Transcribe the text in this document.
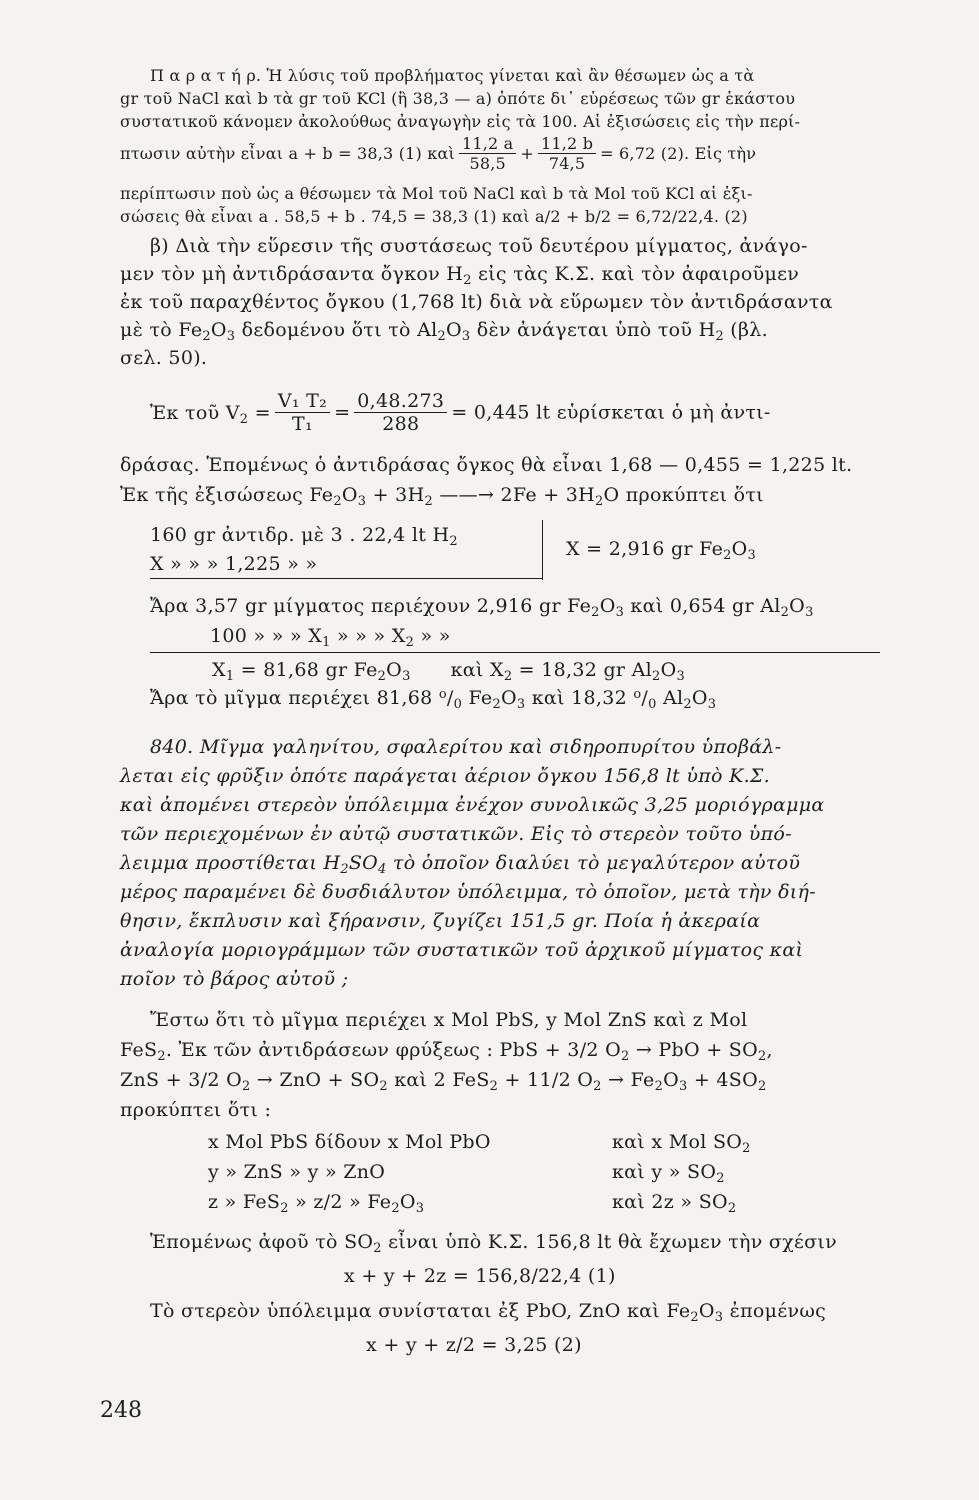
Π α ρ α τ ή ρ. Ἡ λύσις τοῦ προβλήματος γίνεται καὶ ἂν θέσωμεν ὡς a τὰ
gr τοῦ NaCl καὶ b τὰ gr τοῦ KCl (ἢ 38,3 — a) ὁπότε δι᾿ εὑρέσεως τῶν gr ἑκάστου
συστατικοῦ κάνομεν ἀκολούθως ἀναγωγὴν εἰς τὰ 100. Αἱ ἐξισώσεις εἰς τὴν περί-
πτωσιν αὐτὴν εἶναι a + b = 38,3 (1) καὶ $\frac{11,2 a}{58,5} + \frac{11,2 b}{74,5} = 6,72$ (2). Εἰς τὴν
περίπτωσιν ποὺ ὡς a θέσωμεν τὰ Mol τοῦ NaCl καὶ b τὰ Mol τοῦ KCl αἱ ἐξι-
σώσεις θὰ εἶναι a . 58,5 + b . 74,5 = 38,3 (1) καὶ a/2 + b/2 = 6,72/22,4. (2)
β) Διὰ τὴν εὕρεσιν τῆς συστάσεως τοῦ δευτέρου μίγματος, ἀνάγο-
μεν τὸν μὴ ἀντιδράσαντα ὄγκον $H_2$ εἰς τὰς Κ.Σ. καὶ τὸν ἀφαιροῦμεν
ἐκ τοῦ παραχθέντος ὄγκου (1,768 lt) διὰ νὰ εὕρωμεν τὸν ἀντιδράσαντα
μὲ τὸ $Fe_2O_3$ δεδομένου ὅτι τὸ $Al_2O_3$ δὲν ἀνάγεται ὑπὸ τοῦ $H_2$ (βλ.
σελ. 50).
Ἐκ τοῦ $V_2 = \frac{\text{V₁ T₂}}{\text{T₁}} = \frac{0,48.273}{288} = 0,445$ lt εὑρίσκεται ὁ μὴ ἀντι-
δράσας. Ἑπομένως ὁ ἀντιδράσας ὄγκος θὰ εἶναι 1,68 — 0,455 = 1,225 lt.
Ἐκ τῆς ἐξισώσεως $Fe_2O_3 + 3H_2$ ——→ $2Fe + 3H_2O$ προκύπτει ὅτι
160 gr ἀντιδρ. μὲ 3 . 22,4 lt $H_2$
X » » » 1,225 » »
X = 2,916 gr $Fe_2O_3$
Ἄρα 3,57 gr μίγματος περιέχουν 2,916 gr $Fe_2O_3$ καὶ 0,654 gr $Al_2O_3$
100 » » » $X_1$ » » » $X_2$ » »
$X_1 = 81,68$ gr $Fe_2O_3$ καὶ $X_2 = 18,32$ gr $Al_2O_3$
Ἄρα τὸ μῖγμα περιέχει 81,68 $^o/_0$ $Fe_2O_3$ καὶ 18,32 $^o/_0$ $Al_2O_3$
840. Μῖγμα γαληνίτου, σφαλερίτου καὶ σιδηροπυρίτου ὑποβάλ-
λεται εἰς φρῦξιν ὁπότε παράγεται ἀέριον ὄγκου 156,8 lt ὑπὸ Κ.Σ.
καὶ ἀπομένει στερεὸν ὑπόλειμμα ἐνέχον συνολικῶς 3,25 μοριόγραμμα
τῶν περιεχομένων ἐν αὐτῷ συστατικῶν. Εἰς τὸ στερεὸν τοῦτο ὑπό-
λειμμα προστίθεται $H_2SO_4$ τὸ ὁποῖον διαλύει τὸ μεγαλύτερον αὐτοῦ
μέρος παραμένει δὲ δυσδιάλυτον ὑπόλειμμα, τὸ ὁποῖον, μετὰ τὴν διή-
θησιν, ἔκπλυσιν καὶ ξήρανσιν, ζυγίζει 151,5 gr. Ποία ἡ ἀκεραία
ἀναλογία μοριογράμμων τῶν συστατικῶν τοῦ ἀρχικοῦ μίγματος καὶ
ποῖον τὸ βάρος αὐτοῦ ;
Ἔστω ὅτι τὸ μῖγμα περιέχει x Mol PbS, y Mol ZnS καὶ z Mol
FeS$_2$. Ἐκ τῶν ἀντιδράσεων φρύξεως : PbS + 3/2 $O_2$ → PbO + $SO_2$,
ZnS + 3/2 $O_2$ → ZnO + $SO_2$ καὶ 2 FeS$_2$ + 11/2 $O_2 \to Fe_2O_3 + 4SO_2$
προκύπτει ὅτι :
x Mol PbS δίδουν x Mol PbO	καὶ x Mol $SO_2$
y » ZnS » y » ZnO	καὶ y » $SO_2$
z » FeS$_2$ » z/2 » $Fe_2O_3$	καὶ 2z » $SO_2$
Ἑπομένως ἀφοῦ τὸ $SO_2$ εἶναι ὑπὸ Κ.Σ. 156,8 lt θὰ ἔχωμεν τὴν σχέσιν
x + y + 2z = 156,8/22,4 (1)
Τὸ στερεὸν ὑπόλειμμα συνίσταται ἐξ PbO, ZnO καὶ $Fe_2O_3$ ἐπομένως
x + y + z/2 = 3,25 (2)
248
